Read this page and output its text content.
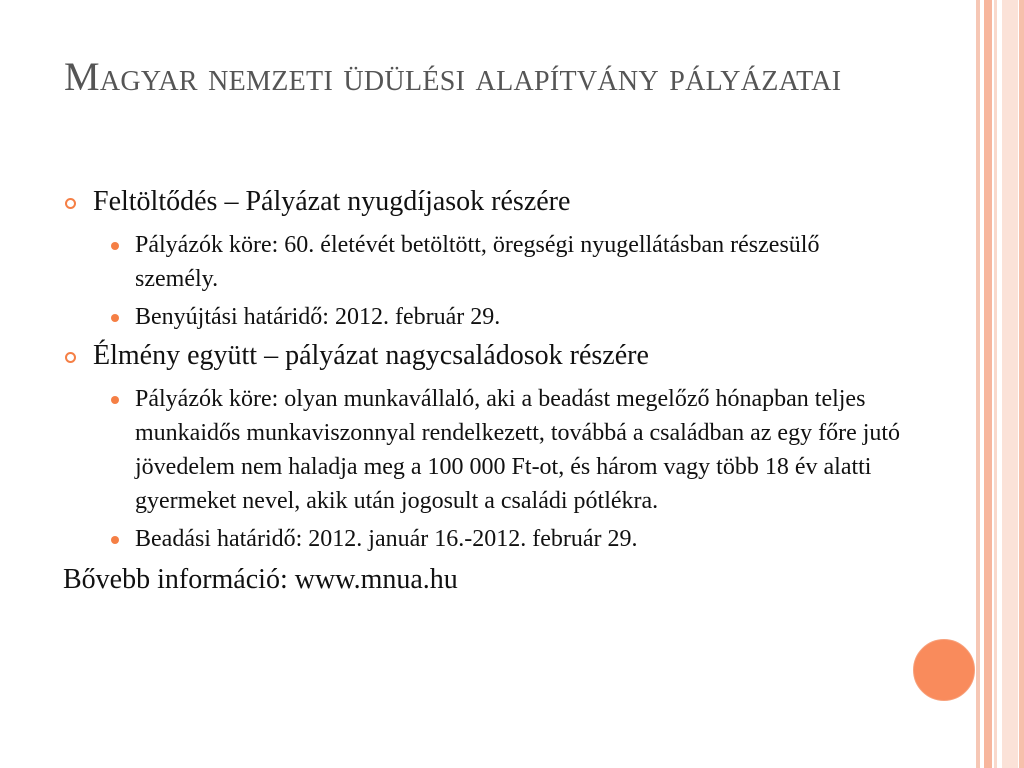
Magyar nemzeti üdülési alapítvány pályázatai
Feltöltődés – Pályázat nyugdíjasok részére
Pályázók köre: 60. életévét betöltött, öregségi nyugellátásban részesülő személy.
Benyújtási határidő: 2012. február 29.
Élmény együtt – pályázat nagycsaládosok részére
Pályázók köre: olyan munkavállaló, aki a beadást megelőző hónapban teljes munkaidős munkaviszonnyal rendelkezett, továbbá a családban az egy főre jutó jövedelem nem haladja meg a 100 000 Ft-ot, és három vagy több 18 év alatti gyermeket nevel, akik után jogosult a családi pótlékra.
Beadási határidő: 2012. január 16.-2012. február 29.
Bővebb információ: www.mnua.hu
